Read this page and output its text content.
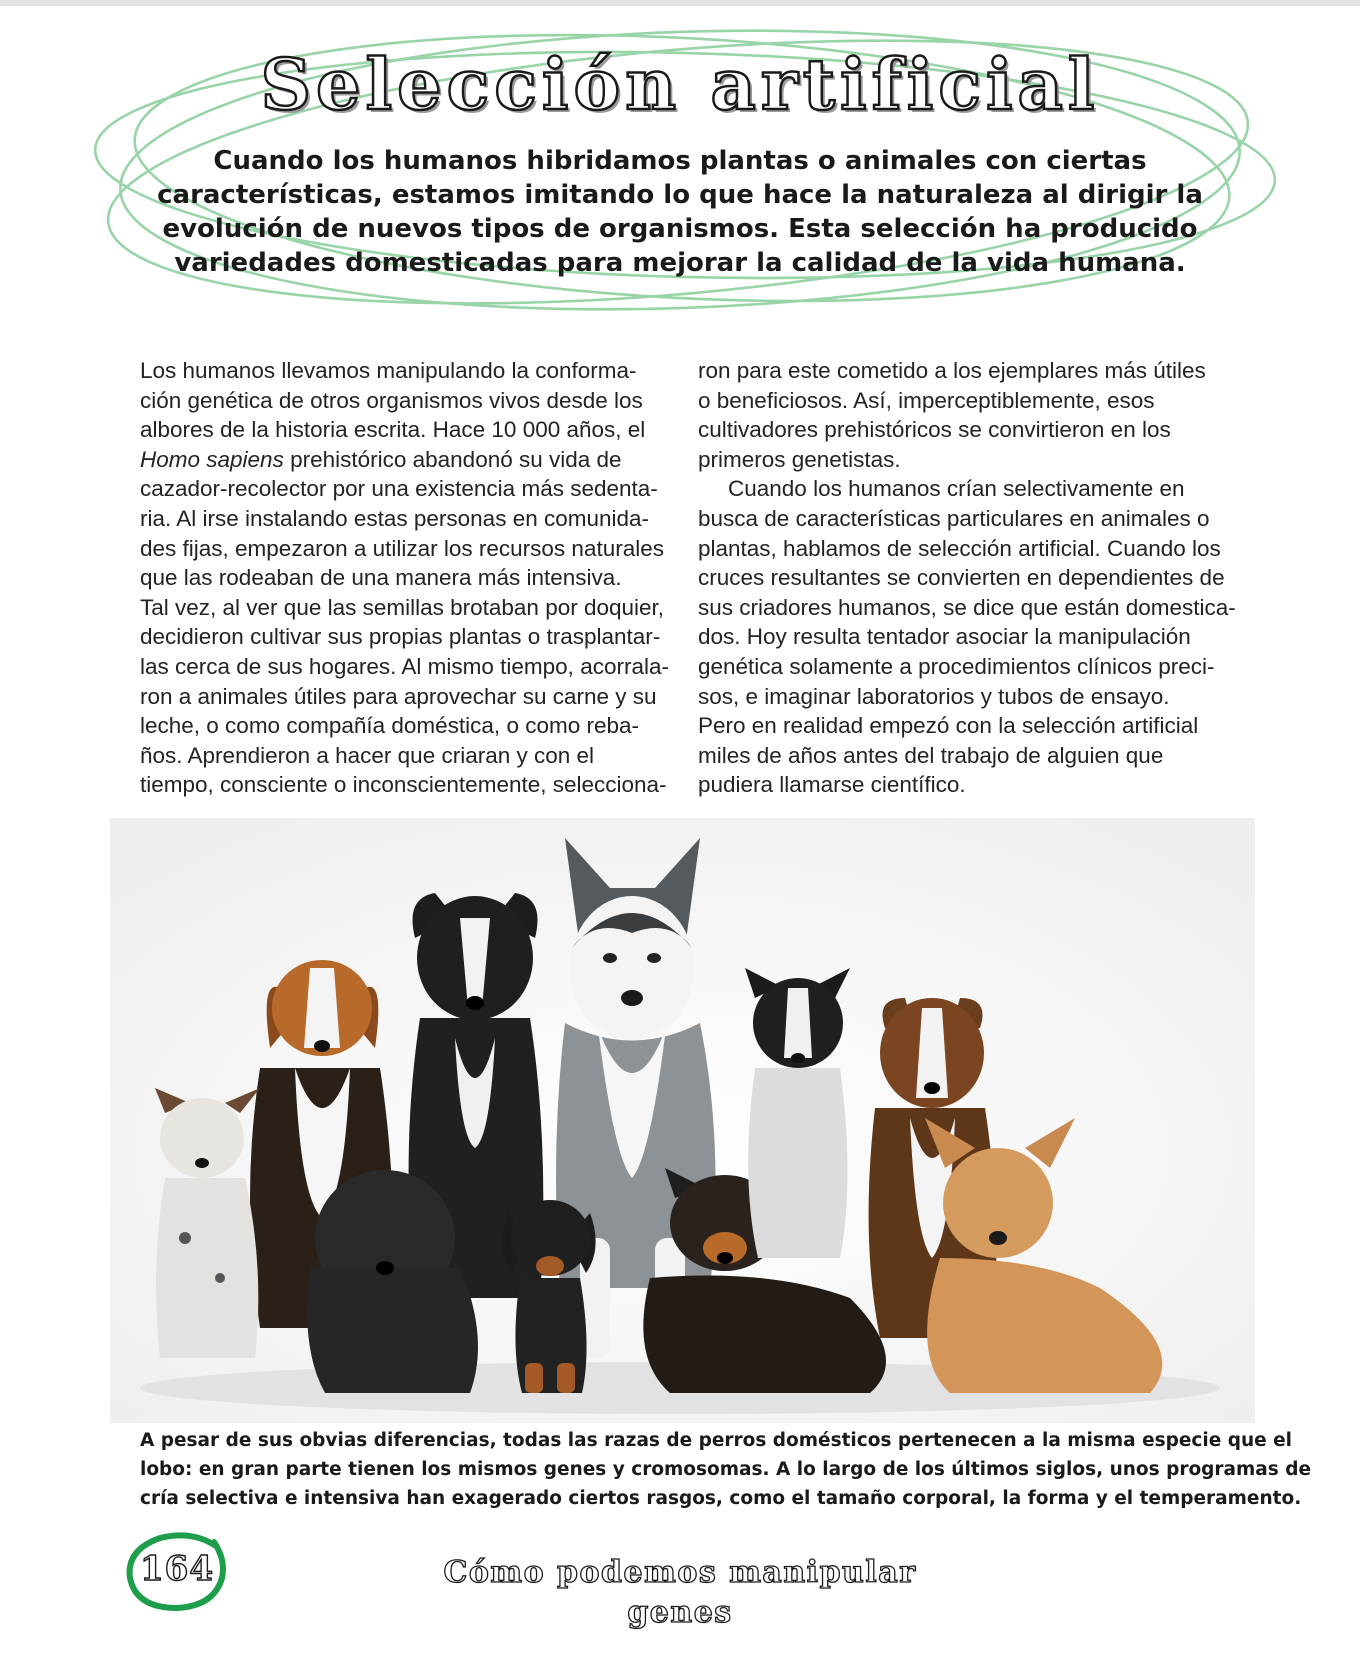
Selección artificial

Cuando los humanos hibridamos plantas o animales con ciertas características, estamos imitando lo que hace la naturaleza al dirigir la evolución de nuevos tipos de organismos. Esta selección ha producido variedades domesticadas para mejorar la calidad de la vida humana.

Los humanos llevamos manipulando la conforma-
ción genética de otros organismos vivos desde los
albores de la historia escrita. Hace 10 000 años, el
Homo sapiens prehistórico abandonó su vida de
cazador-recolector por una existencia más sedenta-
ria. Al irse instalando estas personas en comunida-
des fijas, empezaron a utilizar los recursos naturales
que las rodeaban de una manera más intensiva.
Tal vez, al ver que las semillas brotaban por doquier,
decidieron cultivar sus propias plantas o trasplantar-
las cerca de sus hogares. Al mismo tiempo, acorrala-
ron a animales útiles para aprovechar su carne y su
leche, o como compañía doméstica, o como reba-
ños. Aprendieron a hacer que criaran y con el
tiempo, consciente o inconscientemente, selecciona-
ron para este cometido a los ejemplares más útiles
o beneficiosos. Así, imperceptiblemente, esos
cultivadores prehistóricos se convirtieron en los
primeros genetistas.
Cuando los humanos crían selectivamente en
busca de características particulares en animales o
plantas, hablamos de selección artificial. Cuando los
cruces resultantes se convierten en dependientes de
sus criadores humanos, se dice que están domestica-
dos. Hoy resulta tentador asociar la manipulación
genética solamente a procedimientos clínicos preci-
sos, e imaginar laboratorios y tubos de ensayo.
Pero en realidad empezó con la selección artificial
miles de años antes del trabajo de alguien que
pudiera llamarse científico.
A pesar de sus obvias diferencias, todas las razas de perros domésticos pertenecen a la misma especie que el
lobo: en gran parte tienen los mismos genes y cromosomas. A lo largo de los últimos siglos, unos programas de
cría selectiva e intensiva han exagerado ciertos rasgos, como el tamaño corporal, la forma y el temperamento.
164	Cómo podemos manipular genes
